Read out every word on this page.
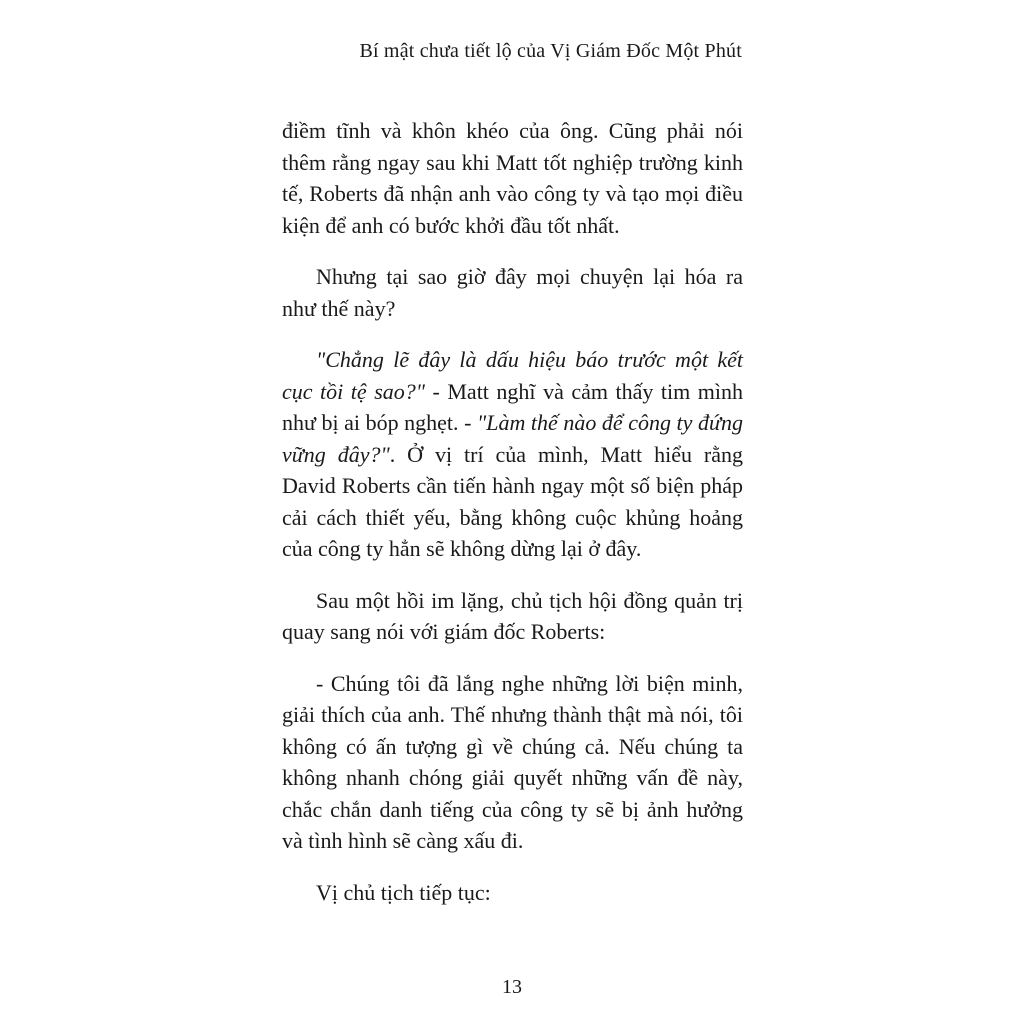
Bí mật chưa tiết lộ của Vị Giám Đốc Một Phút

điềm tĩnh và khôn khéo của ông. Cũng phải nói thêm rằng ngay sau khi Matt tốt nghiệp trường kinh tế, Roberts đã nhận anh vào công ty và tạo mọi điều kiện để anh có bước khởi đầu tốt nhất.

Nhưng tại sao giờ đây mọi chuyện lại hóa ra như thế này?

"Chẳng lẽ đây là dấu hiệu báo trước một kết cục tồi tệ sao?" - Matt nghĩ và cảm thấy tim mình như bị ai bóp nghẹt. - "Làm thế nào để công ty đứng vững đây?". Ở vị trí của mình, Matt hiểu rằng David Roberts cần tiến hành ngay một số biện pháp cải cách thiết yếu, bằng không cuộc khủng hoảng của công ty hẳn sẽ không dừng lại ở đây.

Sau một hồi im lặng, chủ tịch hội đồng quản trị quay sang nói với giám đốc Roberts:

- Chúng tôi đã lắng nghe những lời biện minh, giải thích của anh. Thế nhưng thành thật mà nói, tôi không có ấn tượng gì về chúng cả. Nếu chúng ta không nhanh chóng giải quyết những vấn đề này, chắc chắn danh tiếng của công ty sẽ bị ảnh hưởng và tình hình sẽ càng xấu đi.

Vị chủ tịch tiếp tục:

13
